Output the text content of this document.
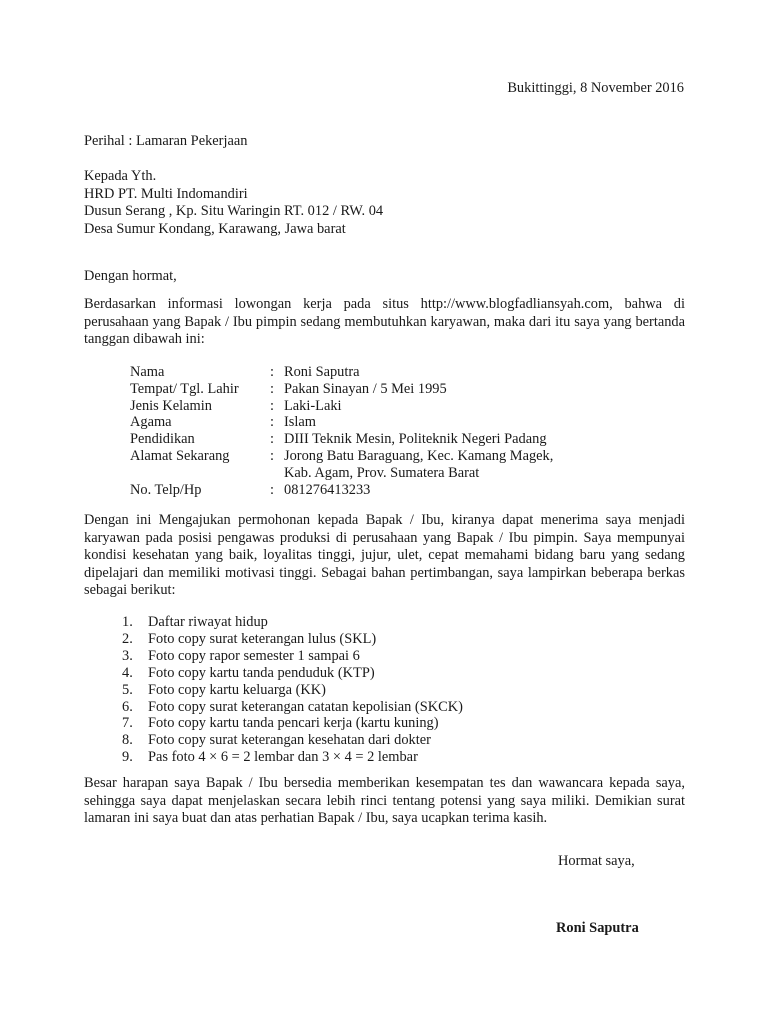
Bukittinggi, 8 November 2016
Perihal : Lamaran Pekerjaan
Kepada Yth.
HRD PT. Multi Indomandiri
Dusun Serang , Kp. Situ Waringin RT. 012 / RW. 04
Desa Sumur Kondang, Karawang, Jawa barat
Dengan hormat,
Berdasarkan informasi lowongan kerja pada situs http://www.blogfadliansyah.com, bahwa di perusahaan yang Bapak / Ibu pimpin sedang membutuhkan karyawan, maka dari itu saya yang bertanda tanggan dibawah ini:
Nama	: Roni Saputra
Tempat/ Tgl. Lahir	: Pakan Sinayan / 5 Mei 1995
Jenis Kelamin	: Laki-Laki
Agama	: Islam
Pendidikan	: DIII Teknik Mesin, Politeknik Negeri Padang
Alamat Sekarang	: Jorong Batu Baraguang, Kec. Kamang Magek,
Kab. Agam, Prov. Sumatera Barat
No. Telp/Hp	: 081276413233
Dengan ini Mengajukan permohonan kepada Bapak / Ibu, kiranya dapat menerima saya menjadi karyawan pada posisi pengawas produksi di perusahaan yang Bapak / Ibu pimpin. Saya mempunyai kondisi kesehatan yang baik, loyalitas tinggi, jujur, ulet, cepat memahami bidang baru yang sedang dipelajari dan memiliki motivasi tinggi. Sebagai bahan pertimbangan, saya lampirkan beberapa berkas sebagai berikut:
1.	Daftar riwayat hidup
2.	Foto copy surat keterangan lulus (SKL)
3.	Foto copy rapor semester 1 sampai 6
4.	Foto copy kartu tanda penduduk (KTP)
5.	Foto copy kartu keluarga (KK)
6.	Foto copy surat keterangan catatan kepolisian (SKCK)
7.	Foto copy kartu tanda pencari kerja (kartu kuning)
8.	Foto copy surat keterangan kesehatan dari dokter
9.	Pas foto 4 × 6 = 2 lembar dan 3 × 4 = 2 lembar
Besar harapan saya Bapak / Ibu bersedia memberikan kesempatan tes dan wawancara kepada saya, sehingga saya dapat menjelaskan secara lebih rinci tentang potensi yang saya miliki. Demikian surat lamaran ini saya buat dan atas perhatian Bapak / Ibu, saya ucapkan terima kasih.
Hormat saya,
Roni Saputra
